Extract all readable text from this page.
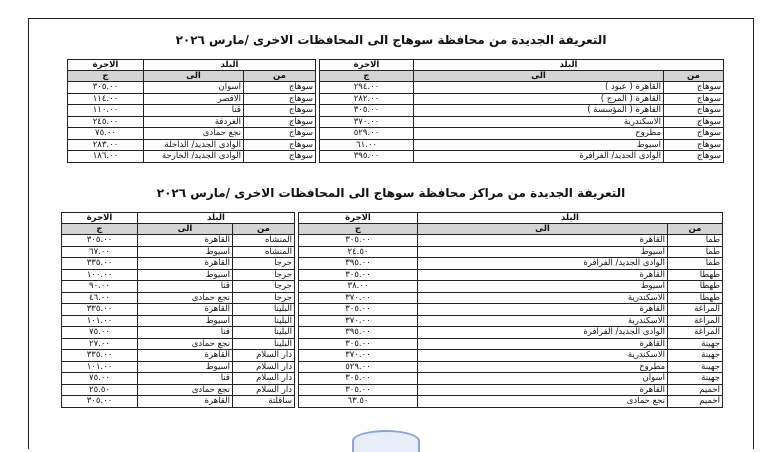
التعريفة الجديدة من محافظة سوهاج الى المحافظات الاخرى /مارس ٢٠٢٦
البلد		الاجرة
من	الى	ج
سوهاج	القاهرة ( عبود )	٢٩٤.٠٠
سوهاج	القاهرة ( المرج )	٢٨٢.٠٠
سوهاج	القاهرة ( المؤسسة )	٣٠٥.٠٠
سوهاج	الاسكندرية	٣٧٠.٠٠
سوهاج	مطروح	٥٢٩.٠٠
سوهاج	اسيوط	٦١.٠٠
سوهاج	الوادى الجديد/ الفرافرة	٣٩٥.٠٠
البلد		الاجرة
من	الى	ج
سوهاج	اسوان	٣٠٥.٠٠
سوهاج	الاقصر	١١٤.٠٠
سوهاج	قنا	١١٠.٠٠
سوهاج	الغردقة	٢٤٥.٠٠
سوهاج	نجع حمادى	٧٥.٠٠
سوهاج	الوادى الجديد/ الداخلة	٢٨٣.٠٠
سوهاج	الوادى الجديد/ الخارجة	١٨٦.٠٠
التعريفة الجديدة من مراكز محافظة سوهاج الى المحافظات الاخرى /مارس ٢٠٢٦
البلد		الاجرة
من	الى	ج
طما	القاهرة	٣٠٥.٠٠
طما	اسيوط	٢٤.٥٠
طما	الوادى الجديد/ الفرافرة	٣٩٥.٠٠
طهطا	القاهرة	٣٠٥.٠٠
طهطا	اسيوط	٣٨.٠٠
طهطا	الاسكندرية	٣٧٠.٠٠
المراغة	القاهرة	٣٠٥.٠٠
المراغة	الاسكندرية	٣٧٠.٠٠
المراغة	الوادى الجديد/ الفرافرة	٣٩٥.٠٠
جهينة	القاهرة	٣٠٥.٠٠
جهينة	الاسكندرية	٣٧٠.٠٠
جهينة	مطروح	٥٢٩.٠٠
جهينة	اسوان	٣٠٥.٠٠
اخميم	القاهرة	٣٠٥.٠٠
اخميم	نجع حمادى	٦٣.٥٠
البلد		الاجرة
من	الى	ج
المنشاه	القاهرة	٣٠٥.٠٠
المنشاه	اسيوط	٦٧.٠٠
جرجا	القاهرة	٣٣٥.٠٠
جرجا	اسيوط	١٠٠.٠٠
جرجا	قنا	٩٠.٠٠
جرجا	نجع حمادى	٤٦.٠٠
البلينا	القاهرة	٣٣٥.٠٠
البلينا	اسيوط	١٠١.٠٠
البلينا	قنا	٧٥.٠٠
البلينا	نجع حمادى	٢٧.٠٠
دار السلام	القاهرة	٣٣٥.٠٠
دار السلام	اسيوط	١٠١.٠٠
دار السلام	قنا	٧٥.٠٠
دار السلام	نجع حمادى	٢٥.٥٠
ساقلتة	القاهرة	٣٠٥.٠٠
